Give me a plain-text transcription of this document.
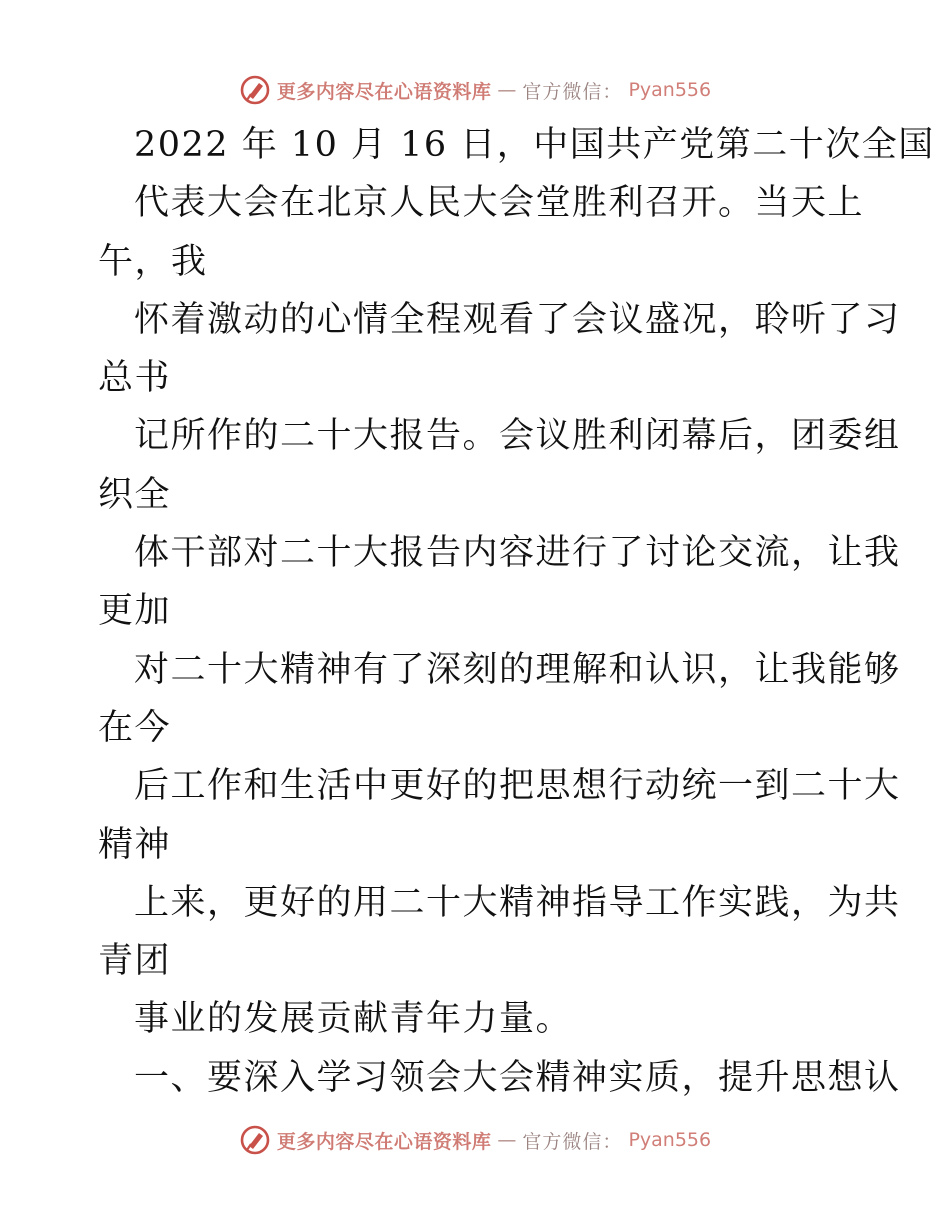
更多内容尽在心语资料库 — 官方微信： Pyan556
2022 年 10 月 16 日，中国共产党第二十次全国
代表大会在北京人民大会堂胜利召开。当天上
午，我
怀着激动的心情全程观看了会议盛况，聆听了习
总书
记所作的二十大报告。会议胜利闭幕后，团委组
织全
体干部对二十大报告内容进行了讨论交流，让我
更加
对二十大精神有了深刻的理解和认识，让我能够
在今
后工作和生活中更好的把思想行动统一到二十大
精神
上来，更好的用二十大精神指导工作实践，为共
青团
事业的发展贡献青年力量。
一、要深入学习领会大会精神实质，提升思想认
更多内容尽在心语资料库 — 官方微信： Pyan556
